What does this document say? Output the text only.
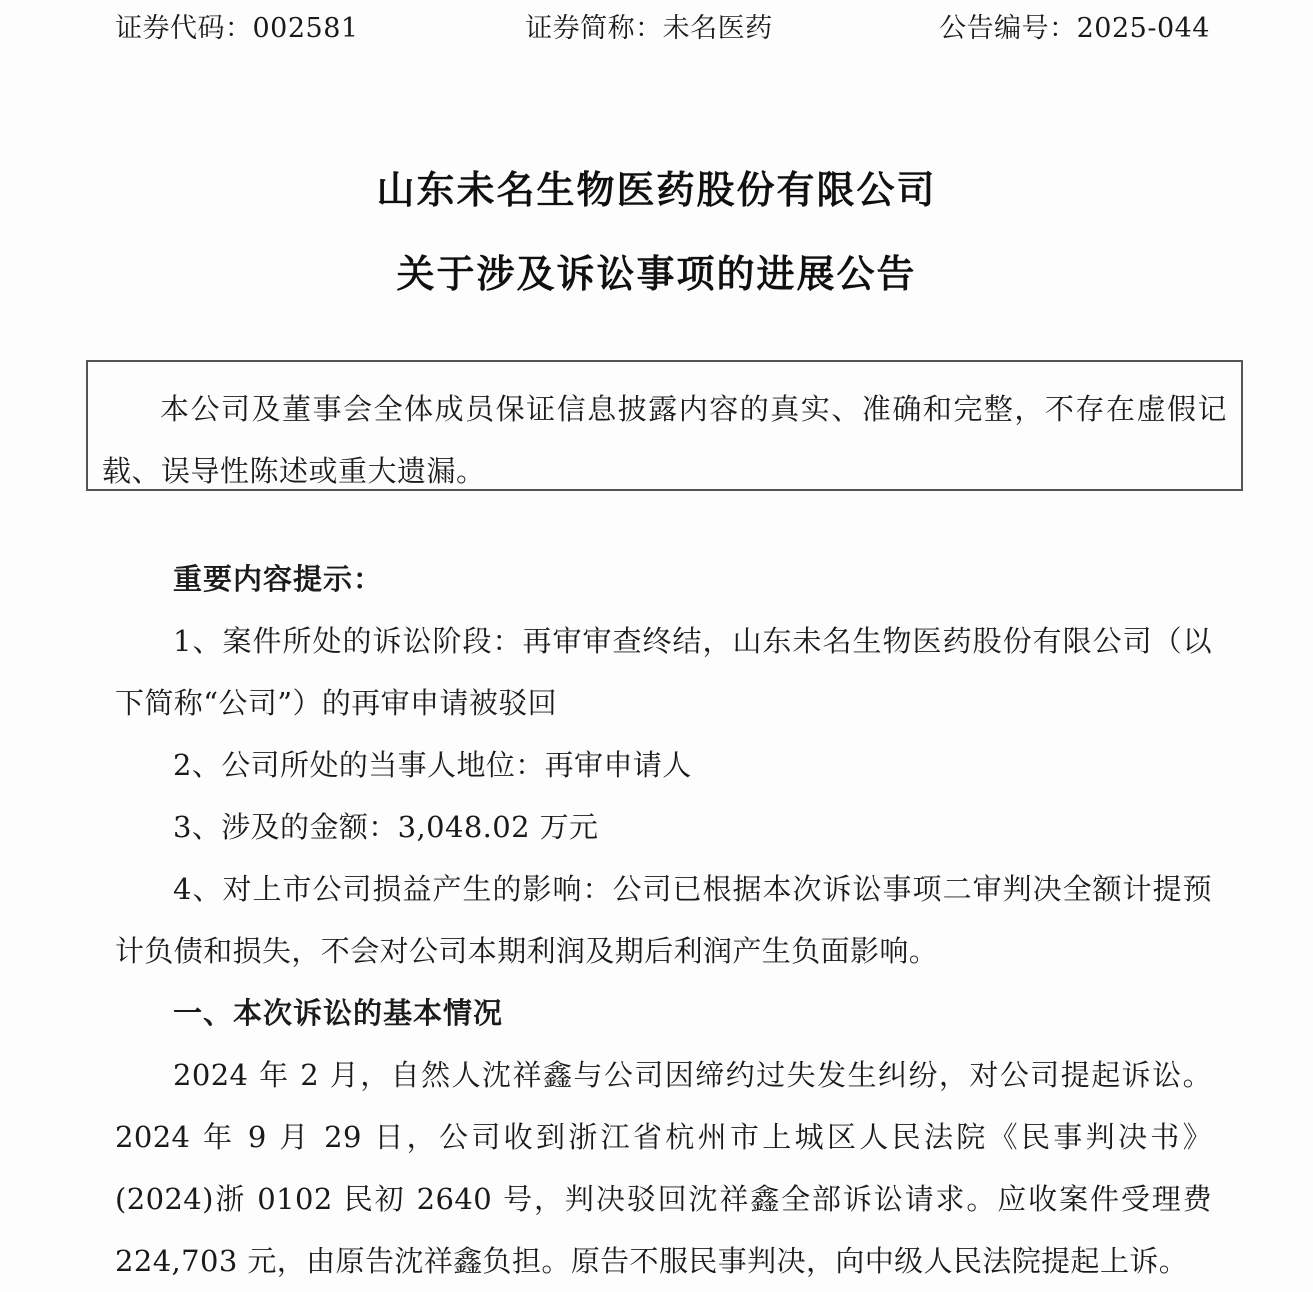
证券代码：002581	证券简称：未名医药	公告编号：2025-044
山东未名生物医药股份有限公司
关于涉及诉讼事项的进展公告

本公司及董事会全体成员保证信息披露内容的真实、准确和完整，不存在虚假记载、误导性陈述或重大遗漏。

重要内容提示：

1、案件所处的诉讼阶段：再审审查终结，山东未名生物医药股份有限公司（以下简称“公司”）的再审申请被驳回

2、公司所处的当事人地位：再审申请人

3、涉及的金额：3,048.02 万元

4、对上市公司损益产生的影响：公司已根据本次诉讼事项二审判决全额计提预计负债和损失，不会对公司本期利润及期后利润产生负面影响。

一、本次诉讼的基本情况

2024 年 2 月，自然人沈祥鑫与公司因缔约过失发生纠纷，对公司提起诉讼。2024 年 9 月 29 日，公司收到浙江省杭州市上城区人民法院《民事判决书》(2024)浙 0102 民初 2640 号，判决驳回沈祥鑫全部诉讼请求。应收案件受理费 224,703 元，由原告沈祥鑫负担。原告不服民事判决，向中级人民法院提起上诉。
